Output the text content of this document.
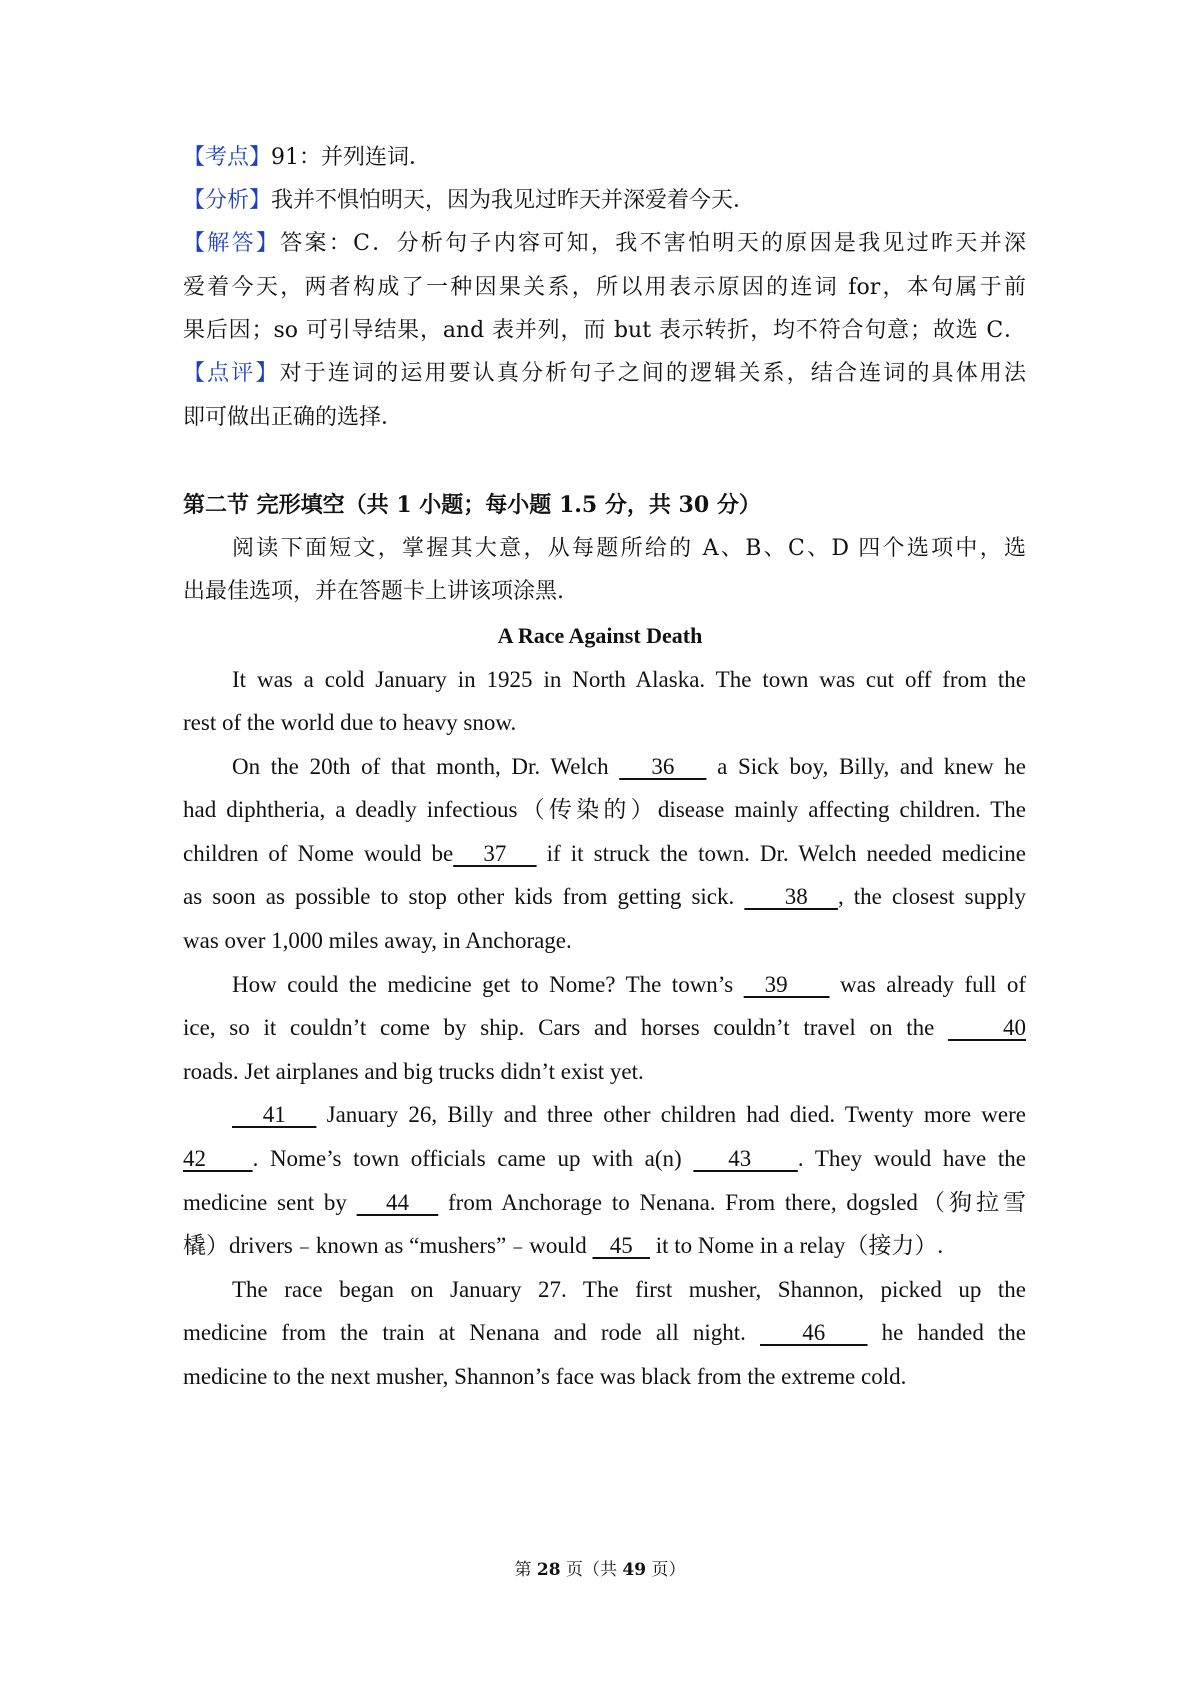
【考点】91：并列连词．
【分析】我并不惧怕明天，因为我见过昨天并深爱着今天．
【解答】答案：C．分析句子内容可知，我不害怕明天的原因是我见过昨天并深
爱着今天，两者构成了一种因果关系，所以用表示原因的连词 for，本句属于前
果后因；so 可引导结果，and 表并列，而 but 表示转折，均不符合句意；故选 C．
【点评】对于连词的运用要认真分析句子之间的逻辑关系，结合连词的具体用法
即可做出正确的选择．
第二节 完形填空（共 1 小题；每小题 1.5 分，共 30 分）
阅读下面短文，掌握其大意，从每题所给的 A、B、C、D 四个选项中，选
出最佳选项，并在答题卡上讲该项涂黑.
A Race Against Death
It was a cold January in 1925 in North Alaska. The town was cut off from the
rest of the world due to heavy snow.
On the 20th of that month, Dr. Welch    36    a Sick boy, Billy, and knew he
had diphtheria, a deadly infectious（传染的）disease mainly affecting children. The
children of Nome would be   37    if it struck the town. Dr. Welch needed medicine
as soon as possible to stop other kids from getting sick.     38   , the closest supply
was over 1,000 miles away, in Anchorage.
How could the medicine get to Nome? The town’s   39     was already full of
ice, so it couldn’t come by ship. Cars and horses couldn’t travel on the     40
roads. Jet airplanes and big trucks didn’t exist yet.
41    January 26, Billy and three other children had died. Twenty more were
42    . Nome’s town officials came up with a(n)    43    . They would have the
medicine sent by    44    from Anchorage to Nenana. From there, dogsled（狗拉雪
橇）drivers﹣known as “mushers”﹣would    45    it to Nome in a relay（接力）.
The race began on January 27. The first musher, Shannon, picked up the
medicine from the train at Nenana and rode all night.    46    he handed the
medicine to the next musher, Shannon’s face was black from the extreme cold.
第 28 页（共 49 页）
